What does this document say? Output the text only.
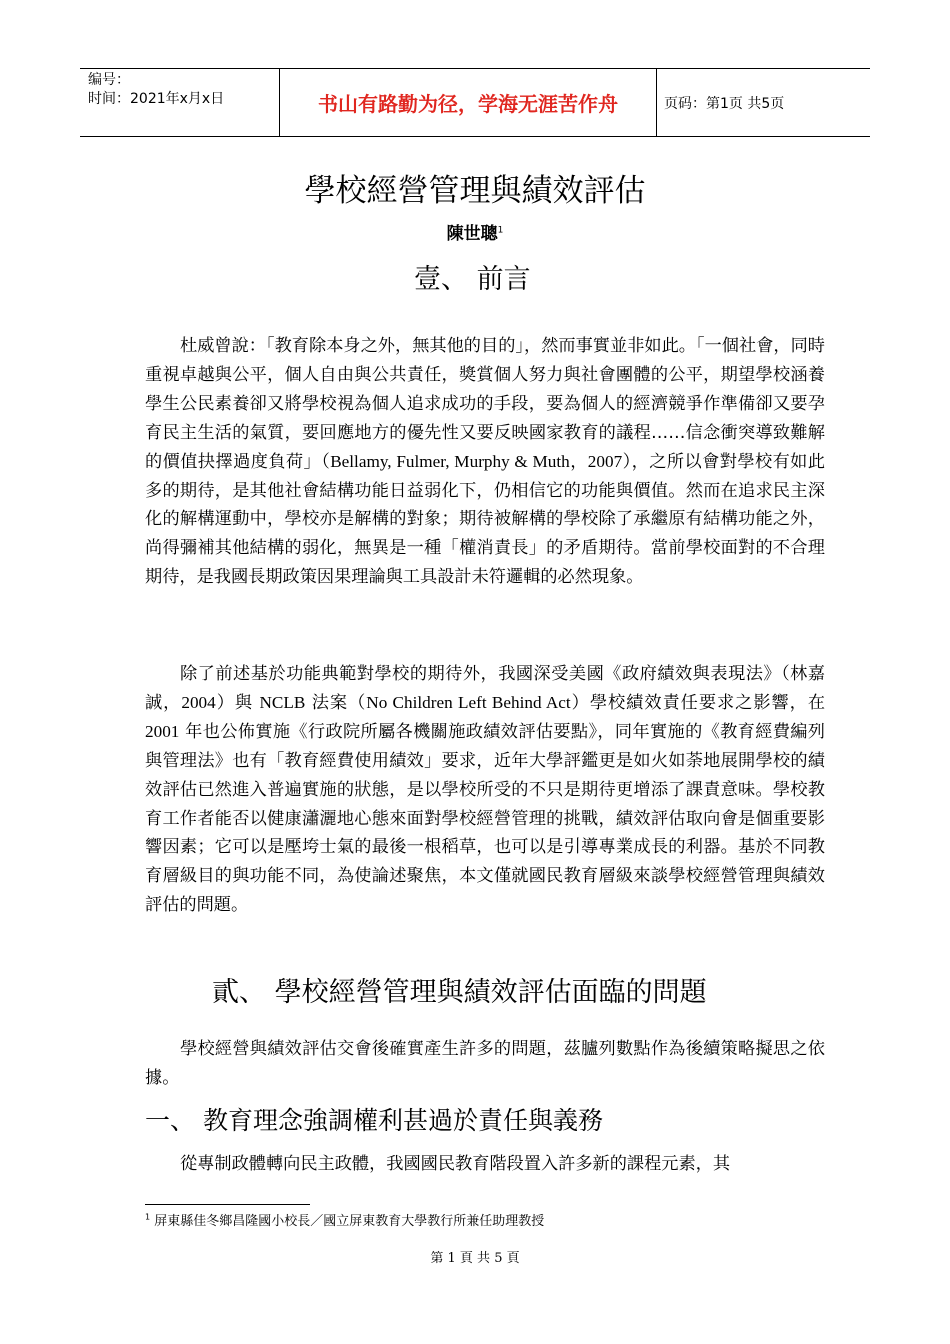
编号：
时间：2021年x月x日	书山有路勤为径，学海无涯苦作舟	页码：第1页 共5页
學校經營管理與績效評估
陳世聰$^1$
壹、 前言

杜威曾說：「教育除本身之外，無其他的目的」，然而事實並非如此。「一個社會，同時重視卓越與公平，個人自由與公共責任，獎賞個人努力與社會團體的公平，期望學校涵養學生公民素養卻又將學校視為個人追求成功的手段，要為個人的經濟競爭作準備卻又要孕育民主生活的氣質，要回應地方的優先性又要反映國家教育的議程……信念衝突導致難解的價值抉擇過度負荷」（Bellamy, Fulmer, Murphy & Muth，2007），之所以會對學校有如此多的期待，是其他社會結構功能日益弱化下，仍相信它的功能與價值。然而在追求民主深化的解構運動中，學校亦是解構的對象；期待被解構的學校除了承繼原有結構功能之外，尚得彌補其他結構的弱化，無異是一種「權消責長」的矛盾期待。當前學校面對的不合理期待，是我國長期政策因果理論與工具設計未符邏輯的必然現象。

除了前述基於功能典範對學校的期待外，我國深受美國《政府績效與表現法》（林嘉誠，2004）與 NCLB 法案（No Children Left Behind Act）學校績效責任要求之影響，在 2001 年也公佈實施《行政院所屬各機關施政績效評估要點》，同年實施的《教育經費編列與管理法》也有「教育經費使用績效」要求，近年大學評鑑更是如火如荼地展開學校的績效評估已然進入普遍實施的狀態，是以學校所受的不只是期待更增添了課責意味。學校教育工作者能否以健康瀟灑地心態來面對學校經營管理的挑戰，績效評估取向會是個重要影響因素；它可以是壓垮士氣的最後一根稻草，也可以是引導專業成長的利器。基於不同教育層級目的與功能不同，為使論述聚焦，本文僅就國民教育層級來談學校經營管理與績效評估的問題。

貳、 學校經營管理與績效評估面臨的問題

學校經營與績效評估交會後確實產生許多的問題，茲臚列數點作為後續策略擬思之依據。

一、 教育理念強調權利甚過於責任與義務

從專制政體轉向民主政體，我國國民教育階段置入許多新的課程元素，其

$^1$ 屏東縣佳冬鄉昌隆國小校長／國立屏東教育大學教行所兼任助理教授
第 1 頁 共 5 頁
